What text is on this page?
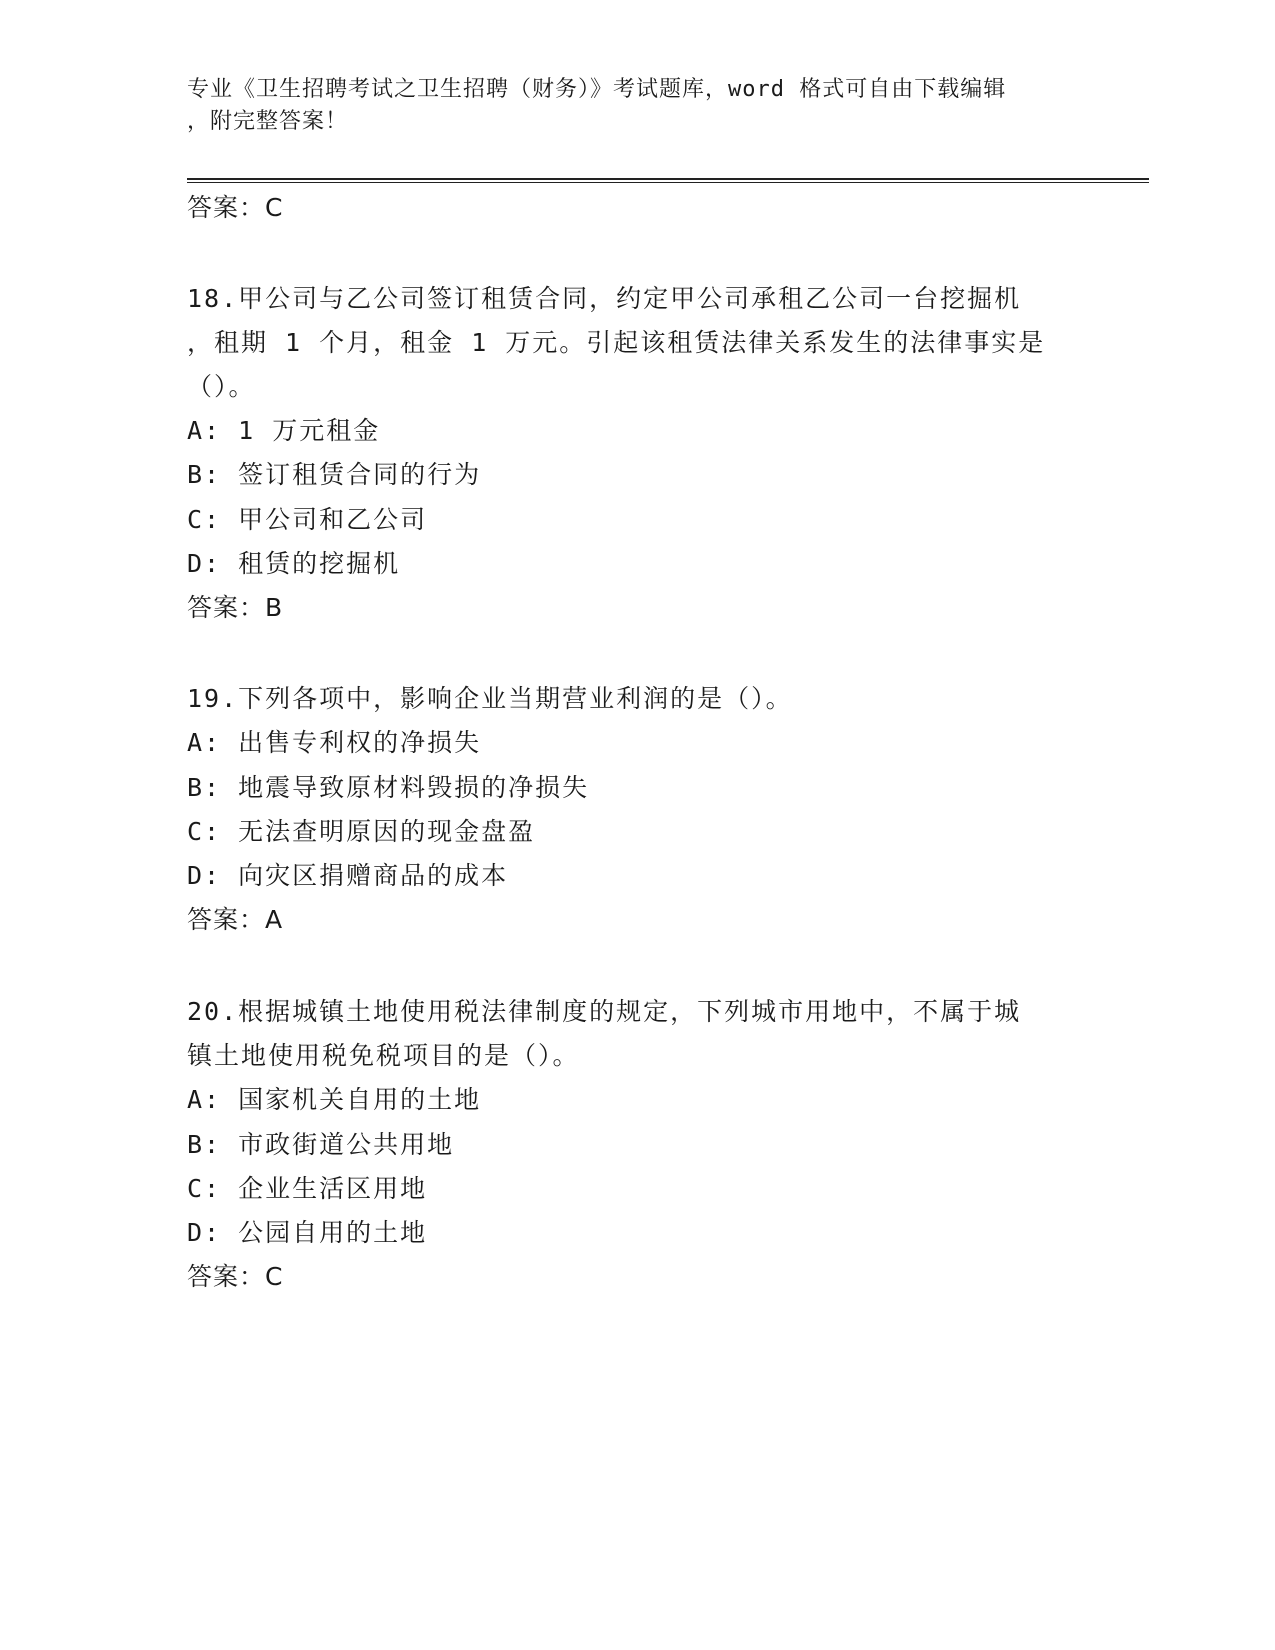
专业《卫生招聘考试之卫生招聘（财务）》考试题库，word 格式可自由下载编辑
，附完整答案！
答案：C
18.甲公司与乙公司签订租赁合同，约定甲公司承租乙公司一台挖掘机
，租期 1 个月，租金 1 万元。引起该租赁法律关系发生的法律事实是
（）。
A: 1 万元租金
B: 签订租赁合同的行为
C: 甲公司和乙公司
D: 租赁的挖掘机
答案：B
19.下列各项中，影响企业当期营业利润的是（）。
A: 出售专利权的净损失
B: 地震导致原材料毁损的净损失
C: 无法查明原因的现金盘盈
D: 向灾区捐赠商品的成本
答案：A
20.根据城镇土地使用税法律制度的规定，下列城市用地中，不属于城
镇土地使用税免税项目的是（）。
A: 国家机关自用的土地
B: 市政街道公共用地
C: 企业生活区用地
D: 公园自用的土地
答案：C
